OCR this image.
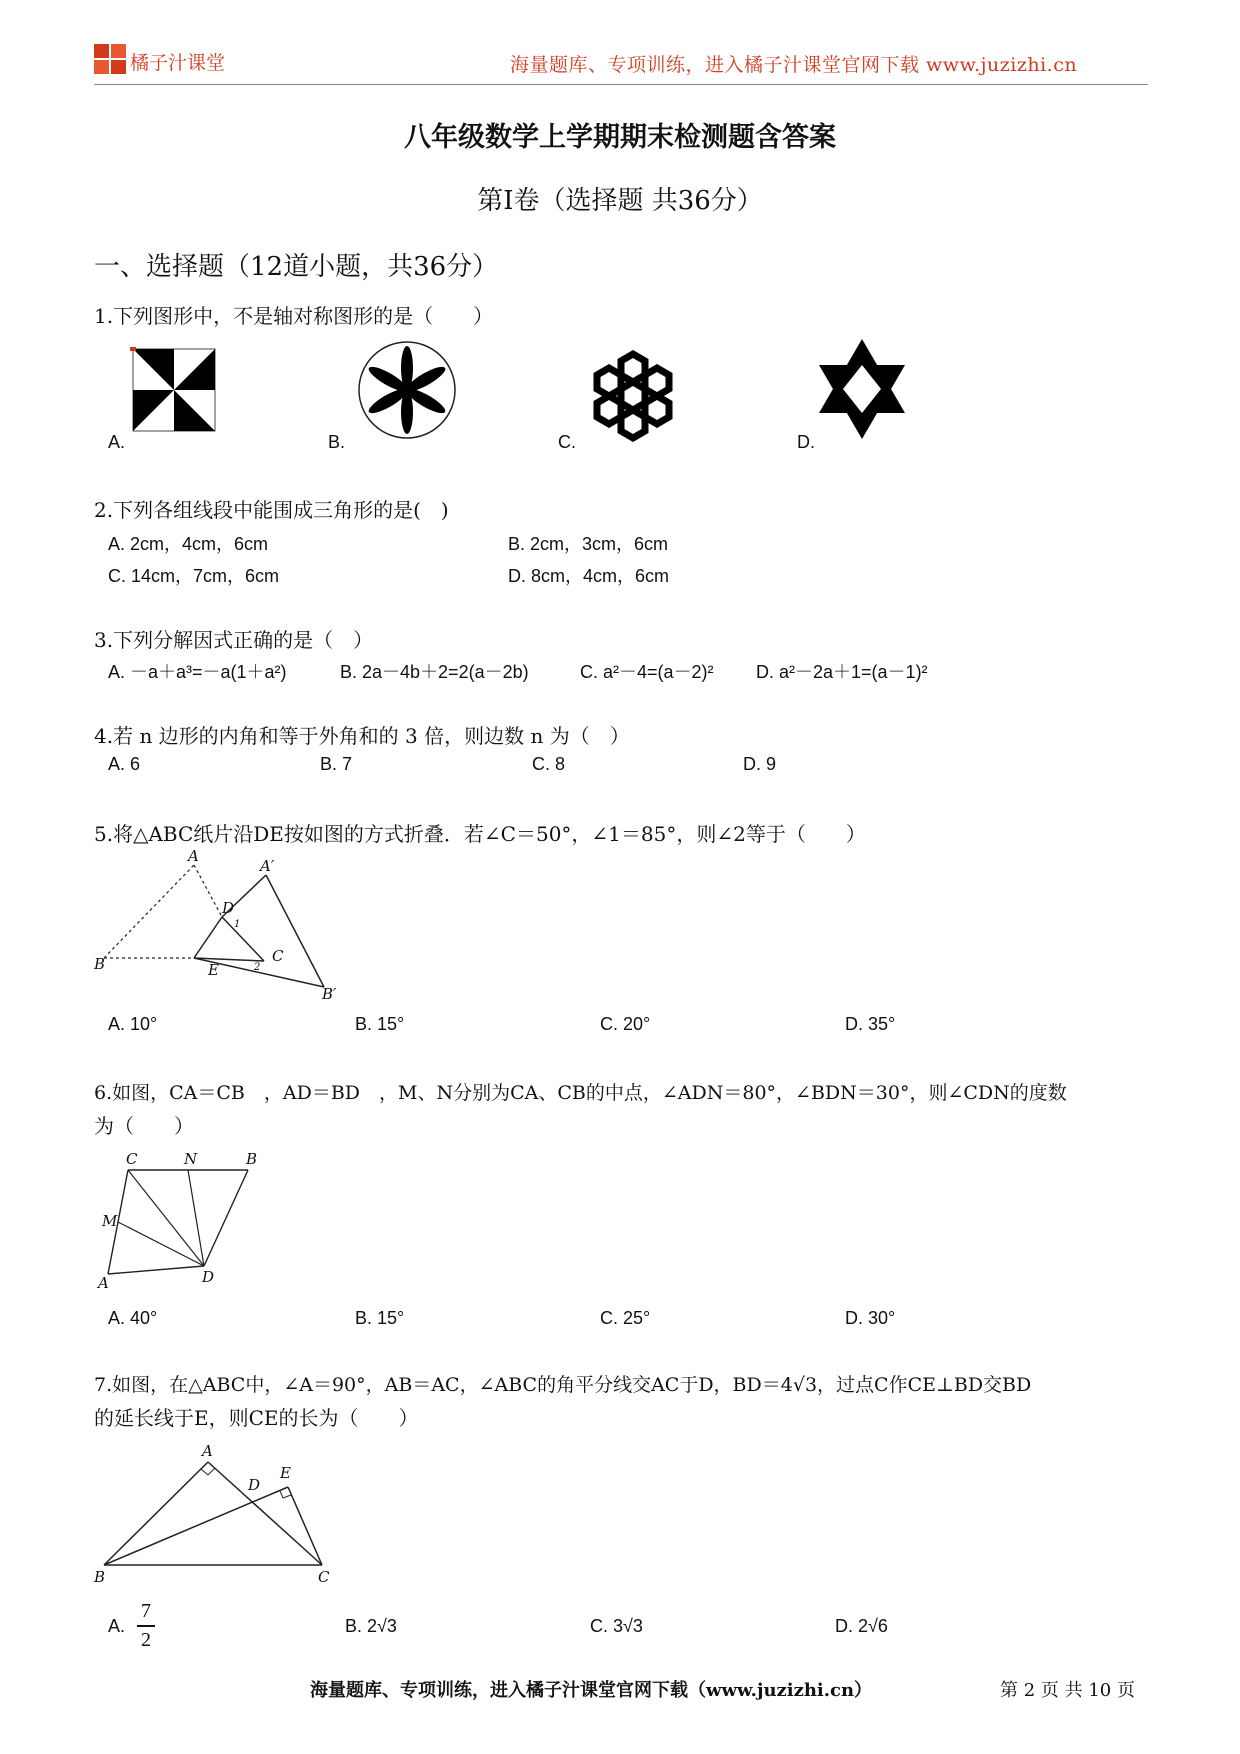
橘子汁课堂	海量题库、专项训练，进入橘子汁课堂官网下载 www.juzizhi.cn
八年级数学上学期期末检测题含答案
第Ⅰ卷（选择题 共36分）
一、选择题（12道小题，共36分）
1.下列图形中，不是轴对称图形的是（　　）
A.	B.	C.	D.
2.下列各组线段中能围成三角形的是(　)
A. 2cm，4cm，6cm	B. 2cm，3cm，6cm
C. 14cm，7cm，6cm	D. 8cm，4cm，6cm
3.下列分解因式正确的是（　）
A. －a＋a³=－a(1＋a²)	B. 2a－4b＋2=2(a－2b)	C. a²－4=(a－2)² D. a²－2a＋1=(a－1)²
4.若 n 边形的内角和等于外角和的 3 倍，则边数 n 为（　）
A. 6	B. 7	C. 8	D. 9
5.将△ABC纸片沿DE按如图的方式折叠．若∠C＝50°，∠1＝85°，则∠2等于（　　）
A
A′
D
B	E
C
B′
1
2
A. 10°	B. 15°	C. 20°	D. 35°
6.如图，CA＝CB　，AD＝BD　，M、N分别为CA、CB的中点，∠ADN＝80°，∠BDN＝30°，则∠CDN的度数
为（　　）
C	N	B
M
A	D
A. 40°	B. 15°	C. 25°	D. 30°
7.如图，在△ABC中，∠A＝90°，AB＝AC，∠ABC的角平分线交AC于D，BD＝4√3，过点C作CE⊥BD交BD
的延长线于E，则CE的长为（　　）
A
D
E
B	C
A.
7
2
B. 2√3	C. 3√3	D. 2√6
海量题库、专项训练，进入橘子汁课堂官网下载（www.juzizhi.cn）	第 2 页 共 10 页
